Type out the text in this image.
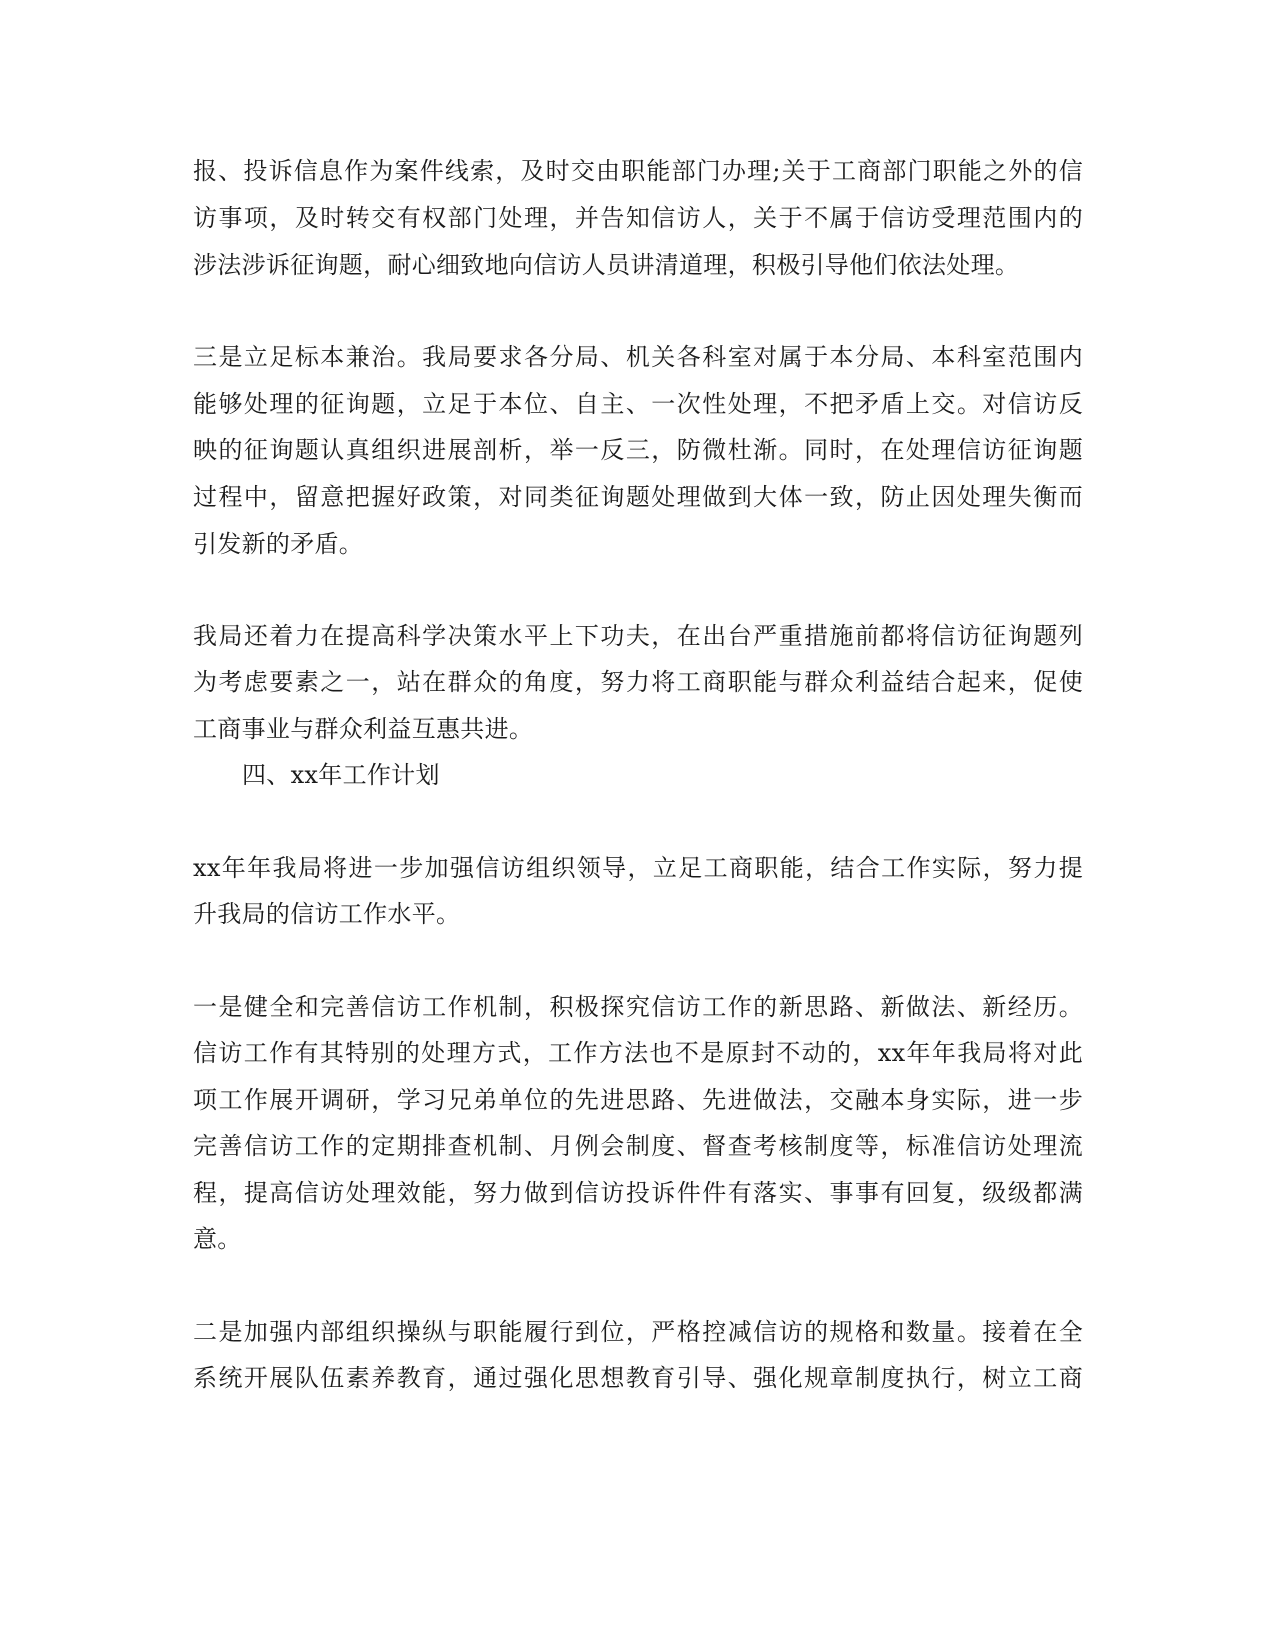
报、投诉信息作为案件线索，及时交由职能部门办理;关于工商部门职能之外的信
访事项，及时转交有权部门处理，并告知信访人，关于不属于信访受理范围内的
涉法涉诉征询题，耐心细致地向信访人员讲清道理，积极引导他们依法处理。
三是立足标本兼治。我局要求各分局、机关各科室对属于本分局、本科室范围内
能够处理的征询题，立足于本位、自主、一次性处理，不把矛盾上交。对信访反
映的征询题认真组织进展剖析，举一反三，防微杜渐。同时，在处理信访征询题
过程中，留意把握好政策，对同类征询题处理做到大体一致，防止因处理失衡而
引发新的矛盾。
我局还着力在提高科学决策水平上下功夫，在出台严重措施前都将信访征询题列
为考虑要素之一，站在群众的角度，努力将工商职能与群众利益结合起来，促使
工商事业与群众利益互惠共进。
四、xx年工作计划
xx年年我局将进一步加强信访组织领导，立足工商职能，结合工作实际，努力提
升我局的信访工作水平。
一是健全和完善信访工作机制，积极探究信访工作的新思路、新做法、新经历。
信访工作有其特别的处理方式，工作方法也不是原封不动的，xx年年我局将对此
项工作展开调研，学习兄弟单位的先进思路、先进做法，交融本身实际，进一步
完善信访工作的定期排查机制、月例会制度、督查考核制度等，标准信访处理流
程，提高信访处理效能，努力做到信访投诉件件有落实、事事有回复，级级都满
意。
二是加强内部组织操纵与职能履行到位，严格控减信访的规格和数量。接着在全
系统开展队伍素养教育，通过强化思想教育引导、强化规章制度执行，树立工商
